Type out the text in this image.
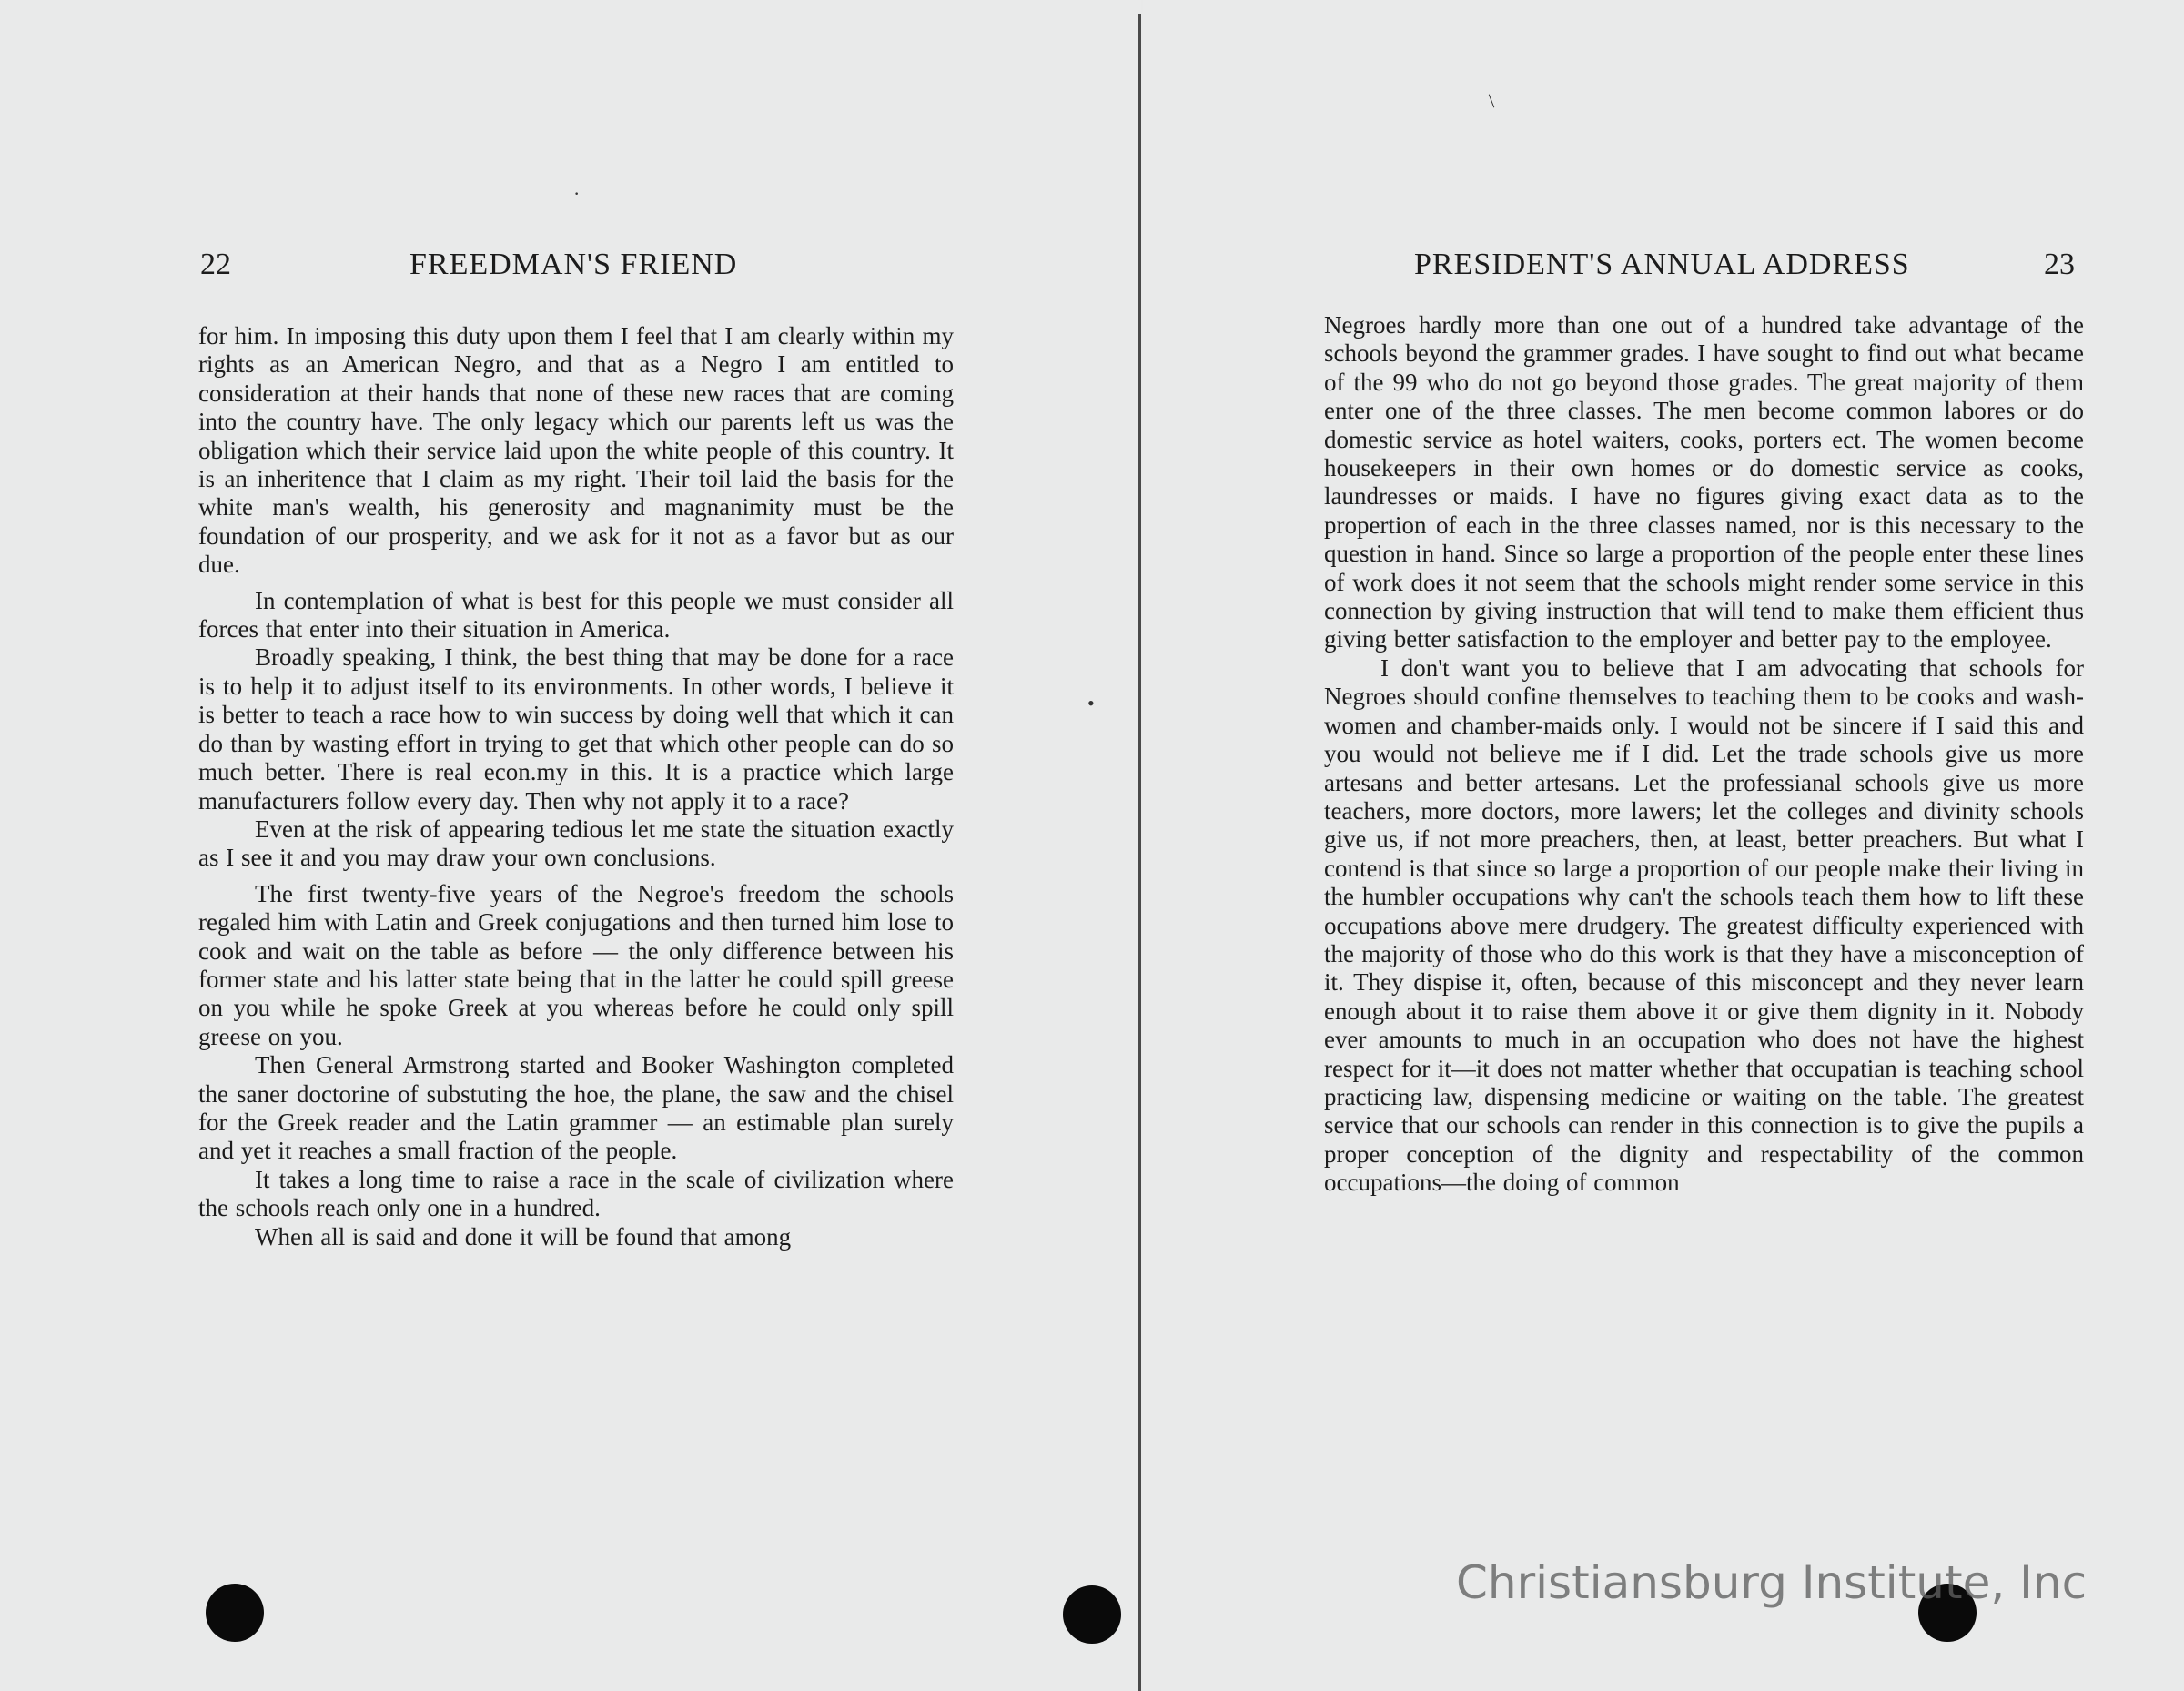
22	FREEDMAN'S FRIEND

for him. In imposing this duty upon them I feel that I am clearly within my rights as an American Negro, and that as a Negro I am entitled to consideration at their hands that none of these new races that are coming into the country have. The only legacy which our parents left us was the obligation which their service laid upon the white people of this country. It is an inheritence that I claim as my right. Their toil laid the basis for the white man's wealth, his generosity and magnanimity must be the foundation of our prosperity, and we ask for it not as a favor but as our due.

In contemplation of what is best for this people we must consider all forces that enter into their situation in America.

Broadly speaking, I think, the best thing that may be done for a race is to help it to adjust itself to its environments. In other words, I believe it is better to teach a race how to win success by doing well that which it can do than by wasting effort in trying to get that which other people can do so much better. There is real econ.my in this. It is a practice which large manufacturers follow every day. Then why not apply it to a race?

Even at the risk of appearing tedious let me state the situation exactly as I see it and you may draw your own conclusions.

The first twenty-five years of the Negroe's freedom the schools regaled him with Latin and Greek conjugations and then turned him lose to cook and wait on the table as before — the only difference between his former state and his latter state being that in the latter he could spill greese on you while he spoke Greek at you whereas before he could only spill greese on you.

Then General Armstrong started and Booker Washington completed the saner doctorine of substuting the hoe, the plane, the saw and the chisel for the Greek reader and the Latin grammer — an estimable plan surely and yet it reaches a small fraction of the people.

It takes a long time to raise a race in the scale of civilization where the schools reach only one in a hundred.

When all is said and done it will be found that among

·
•
PRESIDENT'S ANNUAL ADDRESS	23

Negroes hardly more than one out of a hundred take advantage of the schools beyond the grammer grades. I have sought to find out what became of the 99 who do not go beyond those grades. The great majority of them enter one of the three classes. The men become common labores or do domestic service as hotel waiters, cooks, porters ect. The women become housekeepers in their own homes or do domestic service as cooks, laundresses or maids. I have no figures giving exact data as to the propertion of each in the three classes named, nor is this necessary to the question in hand. Since so large a proportion of the people enter these lines of work does it not seem that the schools might render some service in this connection by giving instruction that will tend to make them efficient thus giving better satisfaction to the employer and better pay to the employee.

I don't want you to believe that I am advocating that schools for Negroes should confine themselves to teaching them to be cooks and wash-women and chamber-maids only. I would not be sincere if I said this and you would not believe me if I did. Let the trade schools give us more artesans and better artesans. Let the professianal schools give us more teachers, more doctors, more lawers; let the colleges and divinity schools give us, if not more preachers, then, at least, better preachers. But what I contend is that since so large a proportion of our people make their living in the humbler occupations why can't the schools teach them how to lift these occupations above mere drudgery. The greatest difficulty experienced with the majority of those who do this work is that they have a misconception of it. They dispise it, often, because of this misconcept and they never learn enough about it to raise them above it or give them dignity in it. Nobody ever amounts to much in an occupation who does not have the highest respect for it—it does not matter whether that occupatian is teaching school practicing law, dispensing medicine or waiting on the table. The greatest service that our schools can render in this connection is to give the pupils a proper conception of the dignity and respectability of the common occupations—the doing of common

/
Christiansburg Institute, Inc
